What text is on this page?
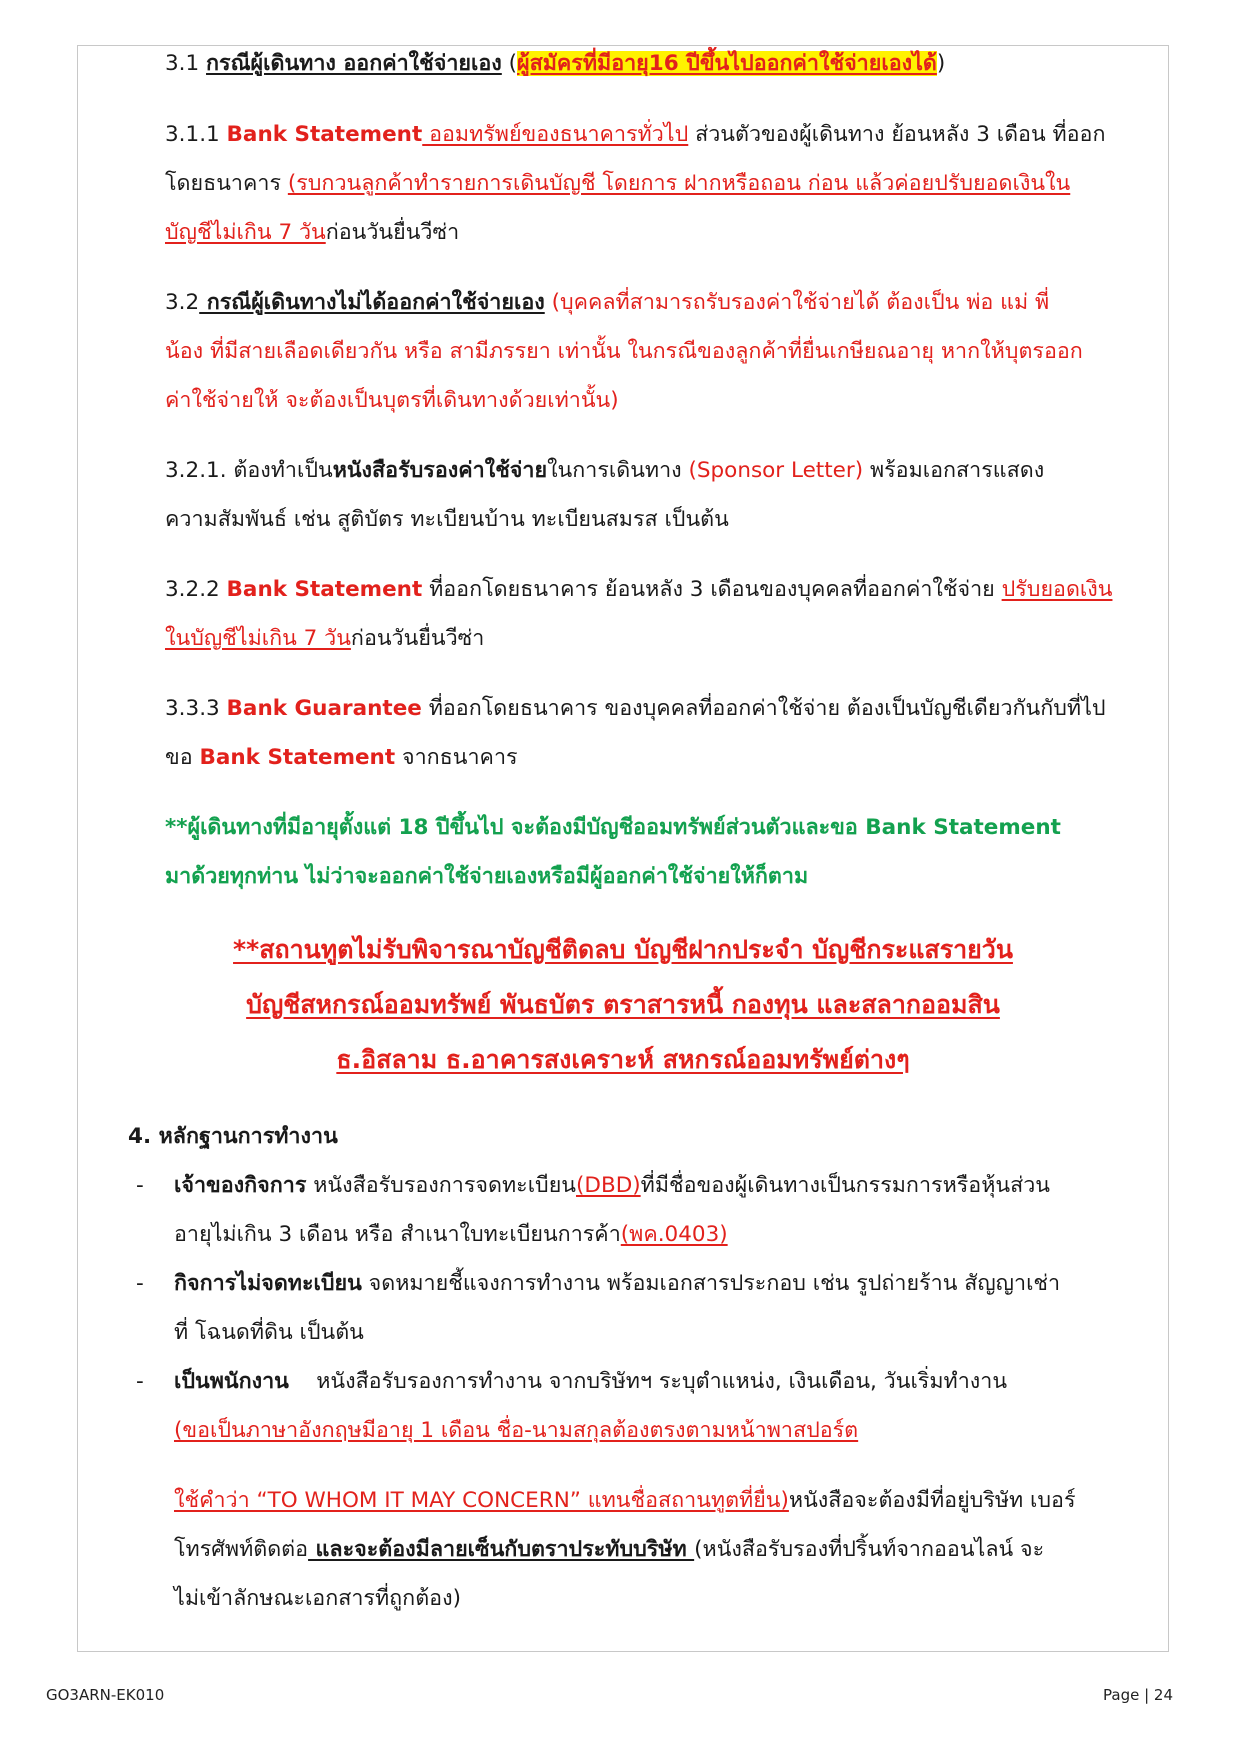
3.1 กรณีผู้เดินทาง ออกค่าใช้จ่ายเอง (ผู้สมัครที่มีอายุ16 ปีขึ้นไปออกค่าใช้จ่ายเองได้)

3.1.1 Bank Statement ออมทรัพย์ของธนาคารทั่วไป ส่วนตัวของผู้เดินทาง ย้อนหลัง 3 เดือน ที่ออก

โดยธนาคาร (รบกวนลูกค้าทำรายการเดินบัญชี โดยการ ฝากหรือถอน ก่อน แล้วค่อยปรับยอดเงินใน

บัญชีไม่เกิน 7 วันก่อนวันยื่นวีซ่า

3.2 กรณีผู้เดินทางไม่ได้ออกค่าใช้จ่ายเอง (บุคคลที่สามารถรับรองค่าใช้จ่ายได้ ต้องเป็น พ่อ แม่ พี่

น้อง ที่มีสายเลือดเดียวกัน หรือ สามีภรรยา เท่านั้น ในกรณีของลูกค้าที่ยื่นเกษียณอายุ หากให้บุตรออก

ค่าใช้จ่ายให้ จะต้องเป็นบุตรที่เดินทางด้วยเท่านั้น)

3.2.1. ต้องทำเป็นหนังสือรับรองค่าใช้จ่ายในการเดินทาง (Sponsor Letter) พร้อมเอกสารแสดง

ความสัมพันธ์ เช่น สูติบัตร ทะเบียนบ้าน ทะเบียนสมรส เป็นต้น

3.2.2 Bank Statement ที่ออกโดยธนาคาร ย้อนหลัง 3 เดือนของบุคคลที่ออกค่าใช้จ่าย ปรับยอดเงิน

ในบัญชีไม่เกิน 7 วันก่อนวันยื่นวีซ่า

3.3.3 Bank Guarantee ที่ออกโดยธนาคาร ของบุคคลที่ออกค่าใช้จ่าย ต้องเป็นบัญชีเดียวกันกับที่ไป

ขอ Bank Statement จากธนาคาร

**ผู้เดินทางที่มีอายุตั้งแต่ 18 ปีขึ้นไป จะต้องมีบัญชีออมทรัพย์ส่วนตัวและขอ Bank Statement

มาด้วยทุกท่าน ไม่ว่าจะออกค่าใช้จ่ายเองหรือมีผู้ออกค่าใช้จ่ายให้ก็ตาม

**สถานทูตไม่รับพิจารณาบัญชีติดลบ บัญชีฝากประจำ บัญชีกระแสรายวัน

บัญชีสหกรณ์ออมทรัพย์ พันธบัตร ตราสารหนี้ กองทุน และสลากออมสิน

ธ.อิสลาม ธ.อาคารสงเคราะห์ สหกรณ์ออมทรัพย์ต่างๆ

4. หลักฐานการทำงาน

- เจ้าของกิจการ หนังสือรับรองการจดทะเบียน(DBD)ที่มีชื่อของผู้เดินทางเป็นกรรมการหรือหุ้นส่วน

อายุไม่เกิน 3 เดือน หรือ สำเนาใบทะเบียนการค้า(พค.0403)

- กิจการไม่จดทะเบียน จดหมายชี้แจงการทำงาน พร้อมเอกสารประกอบ เช่น รูปถ่ายร้าน สัญญาเช่า

ที่ โฉนดที่ดิน เป็นต้น

- เป็นพนักงาน    หนังสือรับรองการทำงาน จากบริษัทฯ ระบุตำแหน่ง, เงินเดือน, วันเริ่มทำงาน

(ขอเป็นภาษาอังกฤษมีอายุ 1 เดือน ชื่อ-นามสกุลต้องตรงตามหน้าพาสปอร์ต

ใช้คำว่า “TO WHOM IT MAY CONCERN” แทนชื่อสถานทูตที่ยื่น)หนังสือจะต้องมีที่อยู่บริษัท เบอร์

โทรศัพท์ติดต่อ และจะต้องมีลายเซ็นกับตราประทับบริษัท (หนังสือรับรองที่ปริ้นท์จากออนไลน์ จะ

ไม่เข้าลักษณะเอกสารที่ถูกต้อง)

GO3ARN-EK010	Page | 24
